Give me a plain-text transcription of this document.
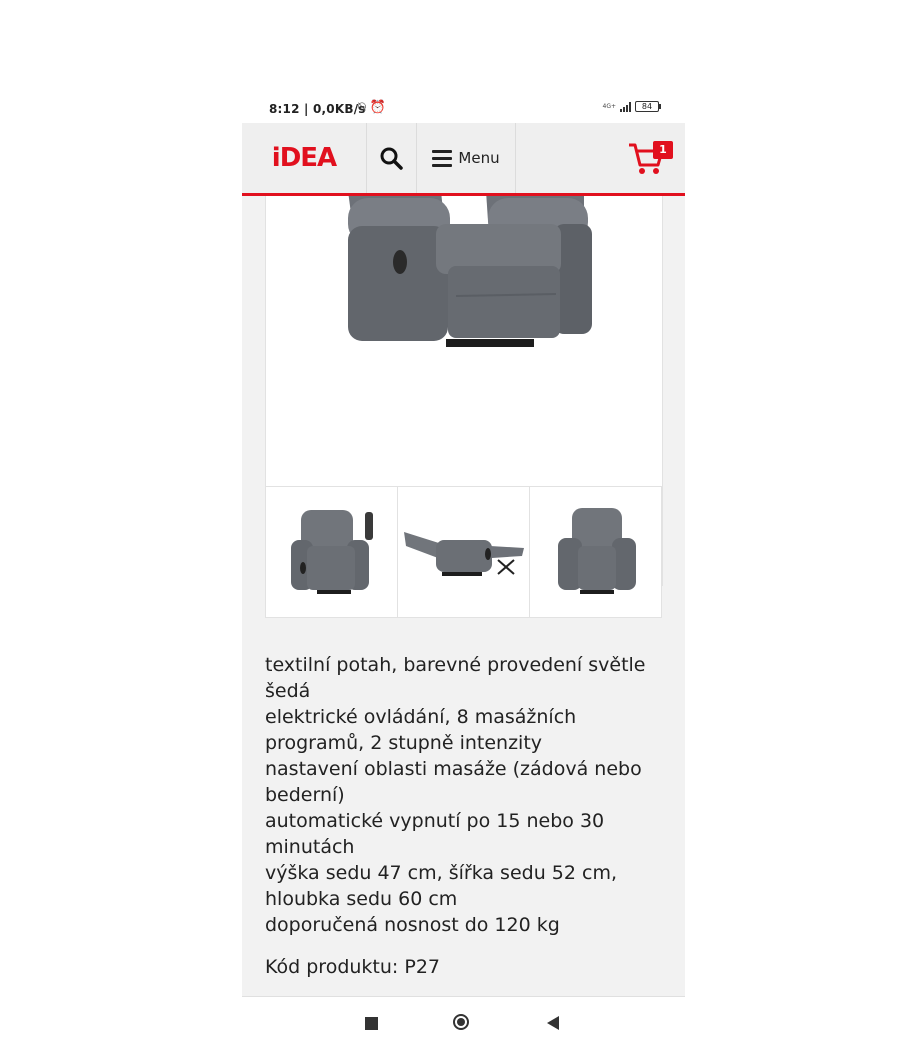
8:12 | 0,0KB/s
⍉ ⏰	4G+	84
iDEA	Menu	1
textilní potah, barevné provedení světle
šedá
elektrické ovládání, 8 masážních
programů, 2 stupně intenzity
nastavení oblasti masáže (zádová nebo
bederní)
automatické vypnutí po 15 nebo 30
minutách
výška sedu 47 cm, šířka sedu 52 cm,
hloubka sedu 60 cm
doporučená nosnost do 120 kg
Kód produktu: P27
